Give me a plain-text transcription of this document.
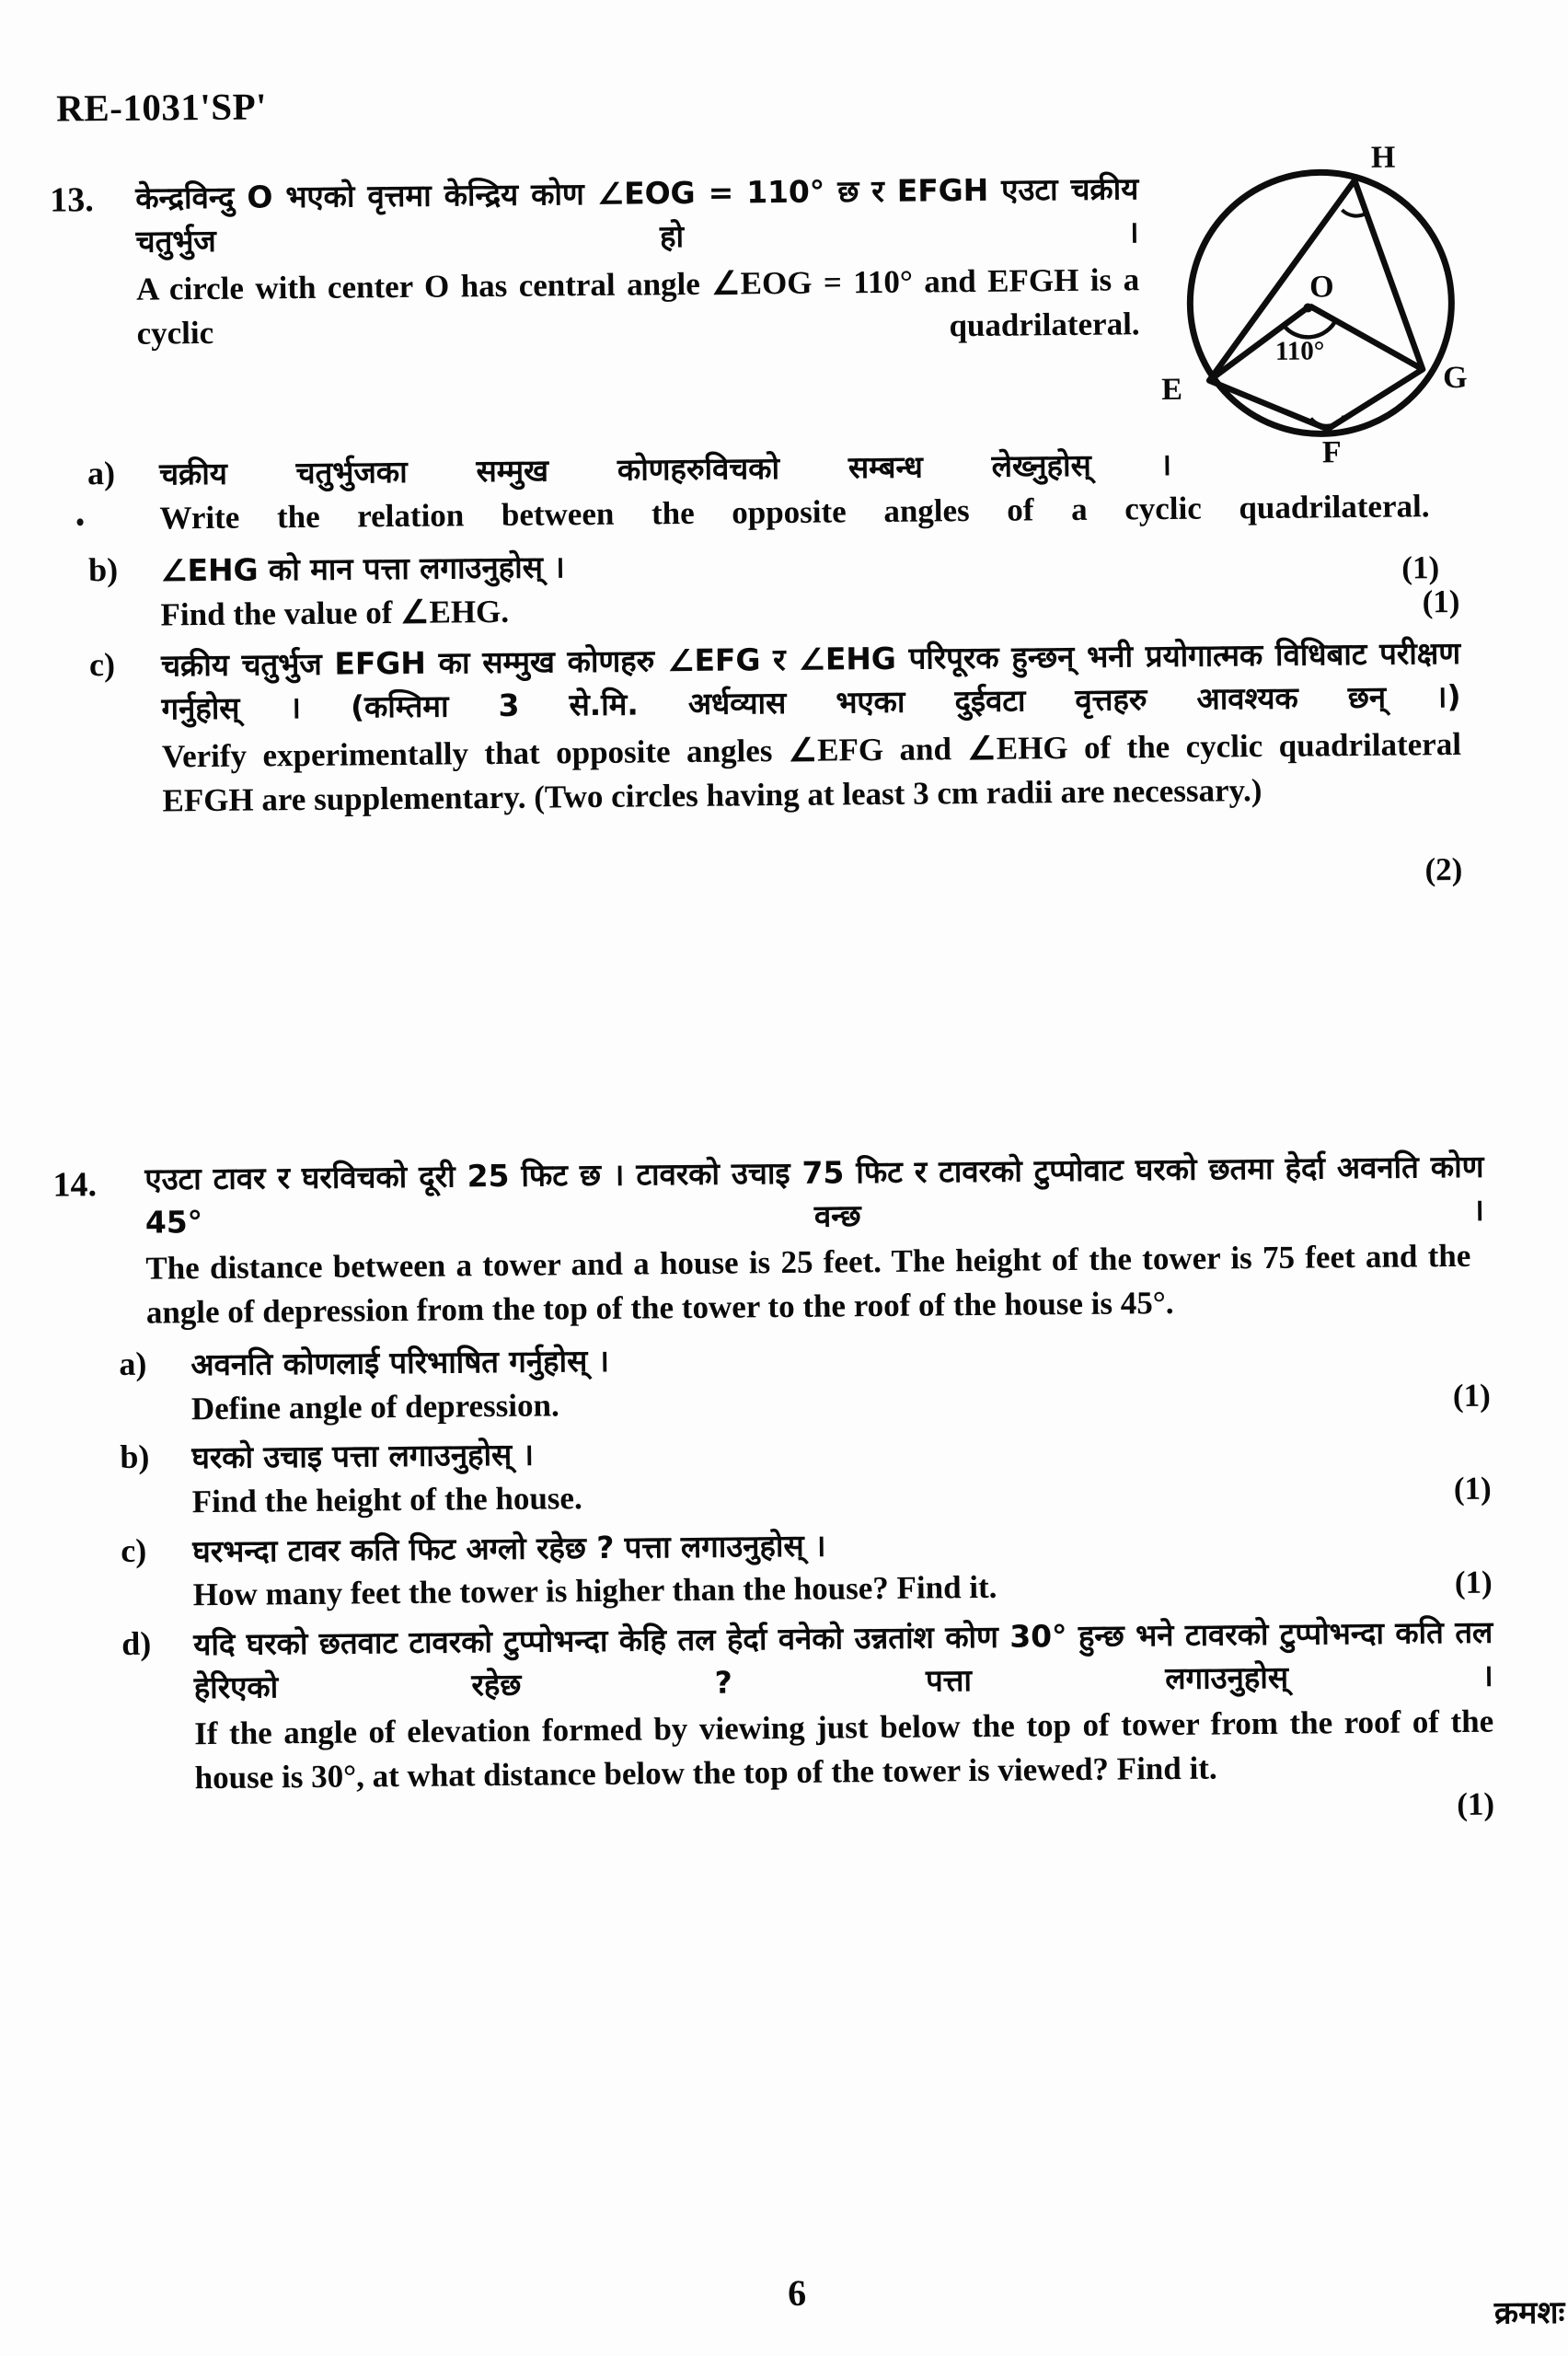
RE-1031'SP'
13. केन्द्रविन्दु O भएको वृत्तमा केन्द्रिय कोण ∠EOG = 110° छ र EFGH एउटा चक्रीय चतुर्भुज हो ।
A circle with center O has central angle ∠EOG = 110° and EFGH is a cyclic quadrilateral.
H
E
F
G
O
110°
a)	चक्रीय चतुर्भुजका सम्मुख कोणहरुविचको सम्बन्ध लेख्नुहोस् ।
Write the relation between the opposite angles of a cyclic quadrilateral.
(1)
b)	∠EHG को मान पत्ता लगाउनुहोस् ।
Find the value of ∠EHG.	(1)
c)	चक्रीय चतुर्भुज EFGH का सम्मुख कोणहरु ∠EFG र ∠EHG परिपूरक हुन्छन् भनी प्रयोगात्मक विधिबाट परीक्षण गर्नुहोस् । (कम्तिमा 3 से.मि. अर्धव्यास भएका दुईवटा वृत्तहरु आवश्यक छन् ।)
Verify experimentally that opposite angles ∠EFG and ∠EHG of the cyclic quadrilateral EFGH are supplementary. (Two circles having at least 3 cm radii are necessary.)
(2)
14. एउटा टावर र घरविचको दूरी 25 फिट छ । टावरको उचाइ 75 फिट र टावरको टुप्पोवाट घरको छतमा हेर्दा अवनति कोण 45° वन्छ ।
The distance between a tower and a house is 25 feet. The height of the tower is 75 feet and the angle of depression from the top of the tower to the roof of the house is 45°.
a)	अवनति कोणलाई परिभाषित गर्नुहोस् ।
Define angle of depression.	(1)
b)	घरको उचाइ पत्ता लगाउनुहोस् ।
Find the height of the house.	(1)
c)	घरभन्दा टावर कति फिट अग्लो रहेछ ? पत्ता लगाउनुहोस् ।
How many feet the tower is higher than the house? Find it.	(1)
d)	यदि घरको छतवाट टावरको टुप्पोभन्दा केहि तल हेर्दा वनेको उन्नतांश कोण 30° हुन्छ भने टावरको टुप्पोभन्दा कति तल हेरिएको रहेछ ? पत्ता लगाउनुहोस् ।
If the angle of elevation formed by viewing just below the top of tower from the roof of the house is 30°, at what distance below the top of the tower is viewed? Find it.
(1)
6	क्रमशः
